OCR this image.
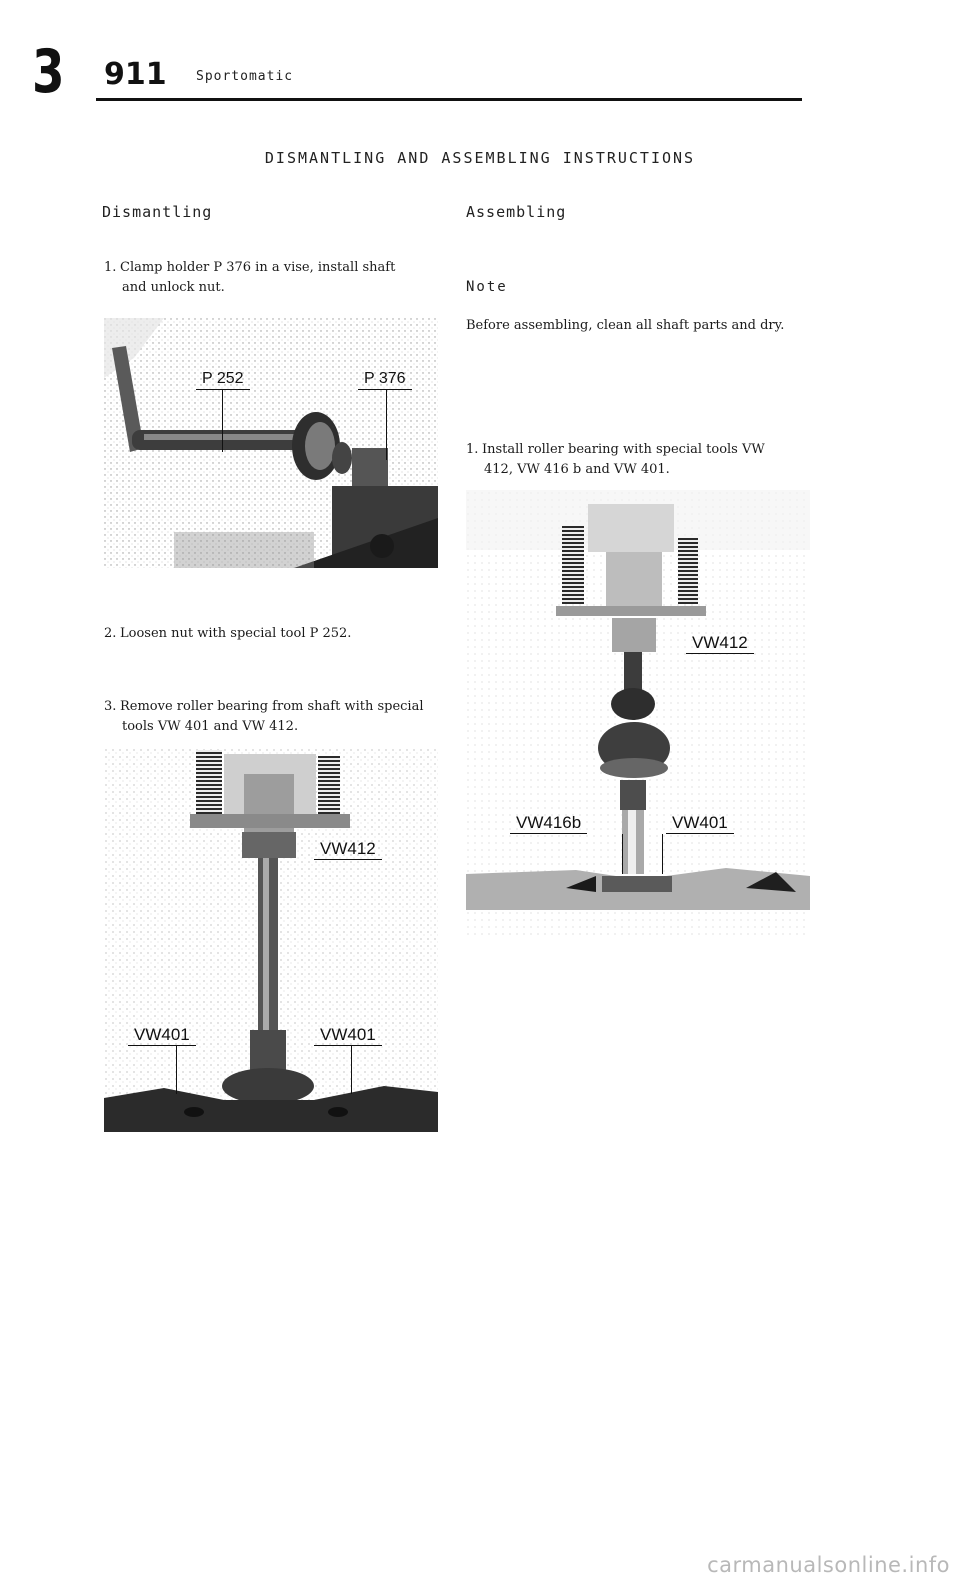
3 911 Sportomatic
DISMANTLING AND ASSEMBLING INSTRUCTIONS
Dismantling
1. Clamp holder P 376 in a vise, install shaft
and unlock nut.
P 252	P 376
2. Loosen nut with special tool P 252.
3. Remove roller bearing from shaft with special
tools VW 401 and VW 412.
VW412
VW401	VW401
Assembling
Note
Before assembling, clean all shaft parts and dry.
1. Install roller bearing with special tools VW
412, VW 416 b and VW 401.
VW412
VW416b	VW401
carmanualsonline.info
